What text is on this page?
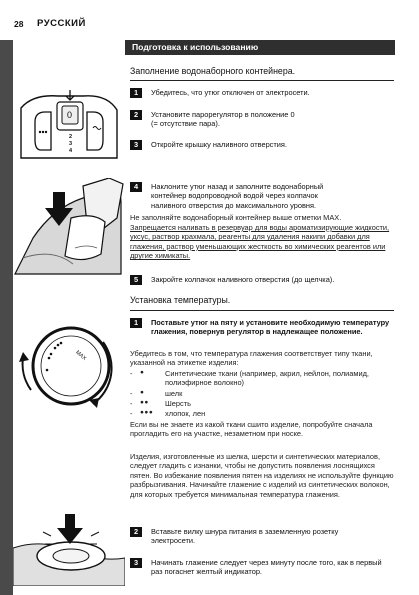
28 РУССКИЙ
0
2
3
4
MAX
Подготовка к использованию
Заполнение водонаборного контейнера.
1	Убедитесь, что утюг отключен от электросети.
2	Установите парорегулятор в положение 0 (= отсутствие пара).
3	Откройте крышку наливного отверстия.
4	Наклоните утюг назад и заполните водонаборный контейнер водопроводной водой через колпачок наливного отверстия до максимального уровня.
Не заполняйте водонаборный контейнер выше отметки MAX.
Запрещается наливать в резервуар для воды ароматизирующие жидкости, уксус, раствор крахмала, реагенты для удаления накипи добавки для глажения, раствор уменьшающих жесткость во химических реагентов или другие химикаты.
5	Закройте колпачок наливного отверстия (до щелчка).
Установка температуры.
1	Поставьте утюг на пяту и установите необходимую температуру глажения, повернув регулятор в надлежащее положение.
Убедитесь в том, что температура глажения соответствует типу ткани, указанной на этикетке изделия:
- ●	Синтетические ткани (например, акрил, нейлон, полиамид, полиэфирное волокно)
- ●	шелк
- ●● Шерсть
- ●●● хлопок, лен
Если вы не знаете из какой ткани сшито изделие, попробуйте сначала прогладить его на участке, незаметном при носке.
Изделия, изготовленные из шелка, шерсти и синтетических материалов, следует гладить с изнанки, чтобы не допустить появления лоснящихся пятен. Во избежание появления пятен на изделиях не используйте функцию разбрызгивания. Начинайте глажение с изделий из синтетических волокон, для которых требуется минимальная температура глажения.
2	Вставьте вилку шнура питания в заземленную розетку электросети.
3	Начинать глажение следует через минуту после того, как в первый раз погаснет желтый индикатор.
